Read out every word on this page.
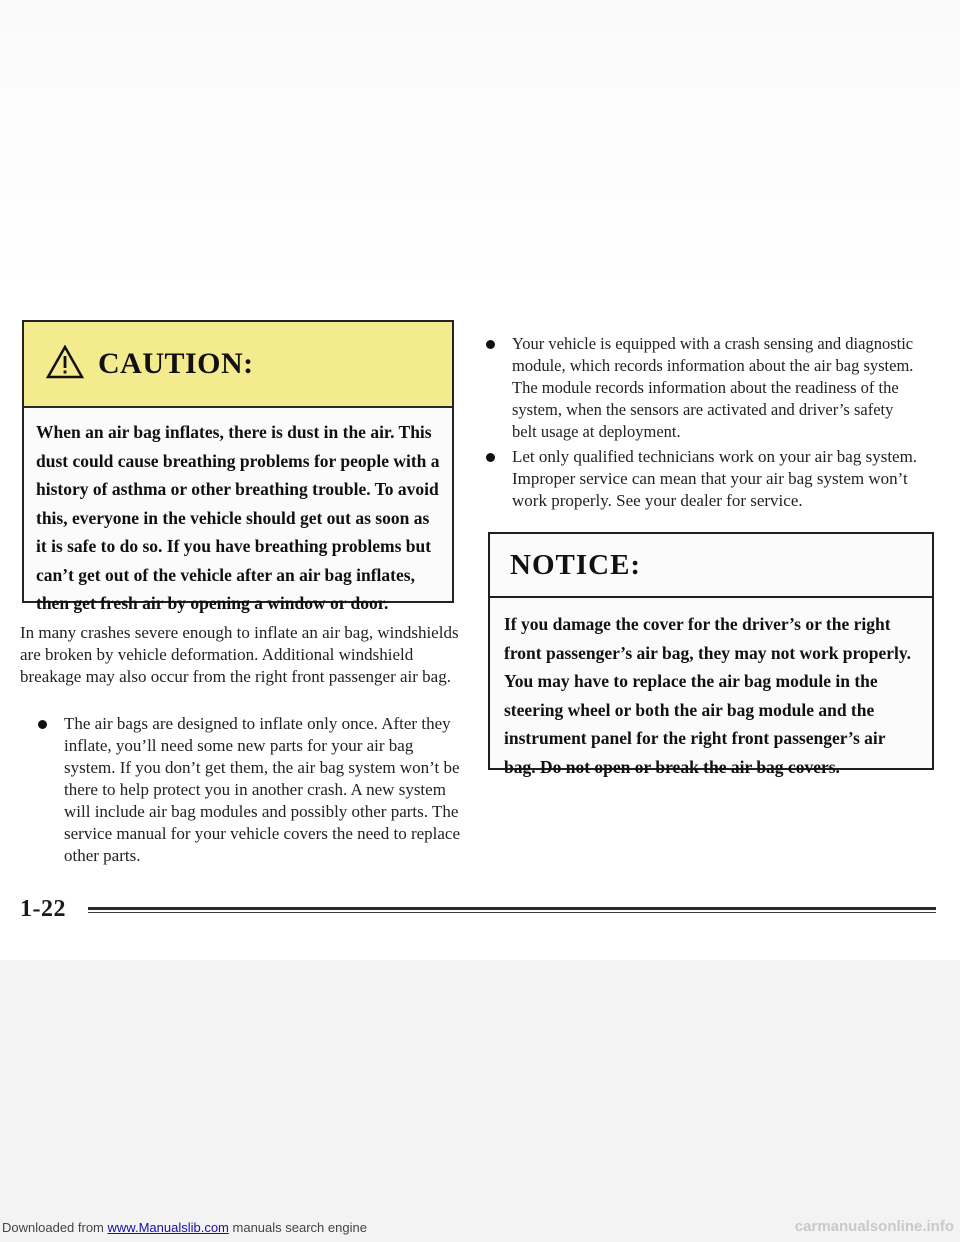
CAUTION:
When an air bag inflates, there is dust in the air. This dust could cause breathing problems for people with a history of asthma or other breathing trouble. To avoid this, everyone in the vehicle should get out as soon as it is safe to do so. If you have breathing problems but can’t get out of the vehicle after an air bag inflates, then get fresh air by opening a window or door.
In many crashes severe enough to inflate an air bag, windshields are broken by vehicle deformation. Additional windshield breakage may also occur from the right front passenger air bag.
The air bags are designed to inflate only once. After they inflate, you’ll need some new parts for your air bag system. If you don’t get them, the air bag system won’t be there to help protect you in another crash. A new system will include air bag modules and possibly other parts. The service manual for your vehicle covers the need to replace other parts.
Your vehicle is equipped with a crash sensing and diagnostic module, which records information about the air bag system. The module records information about the readiness of the system, when the sensors are activated and driver’s safety belt usage at deployment.
Let only qualified technicians work on your air bag system. Improper service can mean that your air bag system won’t work properly. See your dealer for service.
NOTICE:
If you damage the cover for the driver’s or the right front passenger’s air bag, they may not work properly. You may have to replace the air bag module in the steering wheel or both the air bag module and the instrument panel for the right front passenger’s air bag. Do not open or break the air bag covers.
1-22
Downloaded from www.Manualslib.com manuals search engine	carmanualsonline.info
